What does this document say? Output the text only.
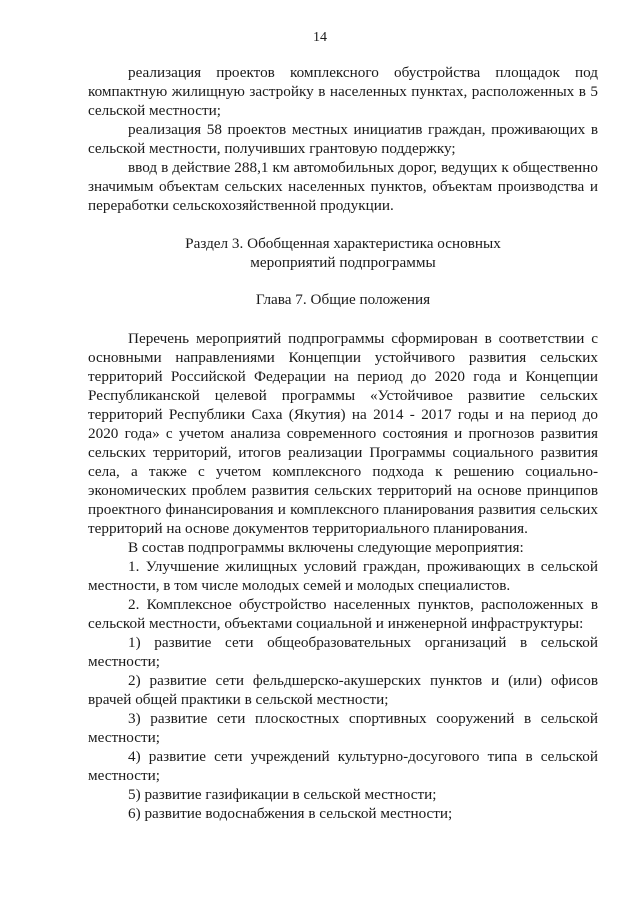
14

реализация проектов комплексного обустройства площадок под компактную жилищную застройку в населенных пунктах, расположенных в 5 сельской местности;

реализация 58 проектов местных инициатив граждан, проживающих в сельской местности, получивших грантовую поддержку;

ввод в действие 288,1 км автомобильных дорог, ведущих к общественно значимым объектам сельских населенных пунктов, объектам производства и переработки сельскохозяйственной продукции.

Раздел 3. Обобщенная характеристика основных
мероприятий подпрограммы
Глава 7. Общие положения

Перечень мероприятий подпрограммы сформирован в соответствии с основными направлениями Концепции устойчивого развития сельских территорий Российской Федерации на период до 2020 года и Концепции Республиканской целевой программы «Устойчивое развитие сельских территорий Республики Саха (Якутия) на 2014 - 2017 годы и на период до 2020 года» с учетом анализа современного состояния и прогнозов развития сельских территорий, итогов реализации Программы социального развития села, а также с учетом комплексного подхода к решению социально-экономических проблем развития сельских территорий на основе принципов проектного финансирования и комплексного планирования развития сельских территорий на основе документов территориального планирования.

В состав подпрограммы включены следующие мероприятия:

1. Улучшение жилищных условий граждан, проживающих в сельской местности, в том числе молодых семей и молодых специалистов.

2. Комплексное обустройство населенных пунктов, расположенных в сельской местности, объектами социальной и инженерной инфраструктуры:

1) развитие сети общеобразовательных организаций в сельской местности;

2) развитие сети фельдшерско-акушерских пунктов и (или) офисов врачей общей практики в сельской местности;

3) развитие сети плоскостных спортивных сооружений в сельской местности;

4) развитие сети учреждений культурно-досугового типа в сельской местности;

5) развитие газификации в сельской местности;

6) развитие водоснабжения в сельской местности;
